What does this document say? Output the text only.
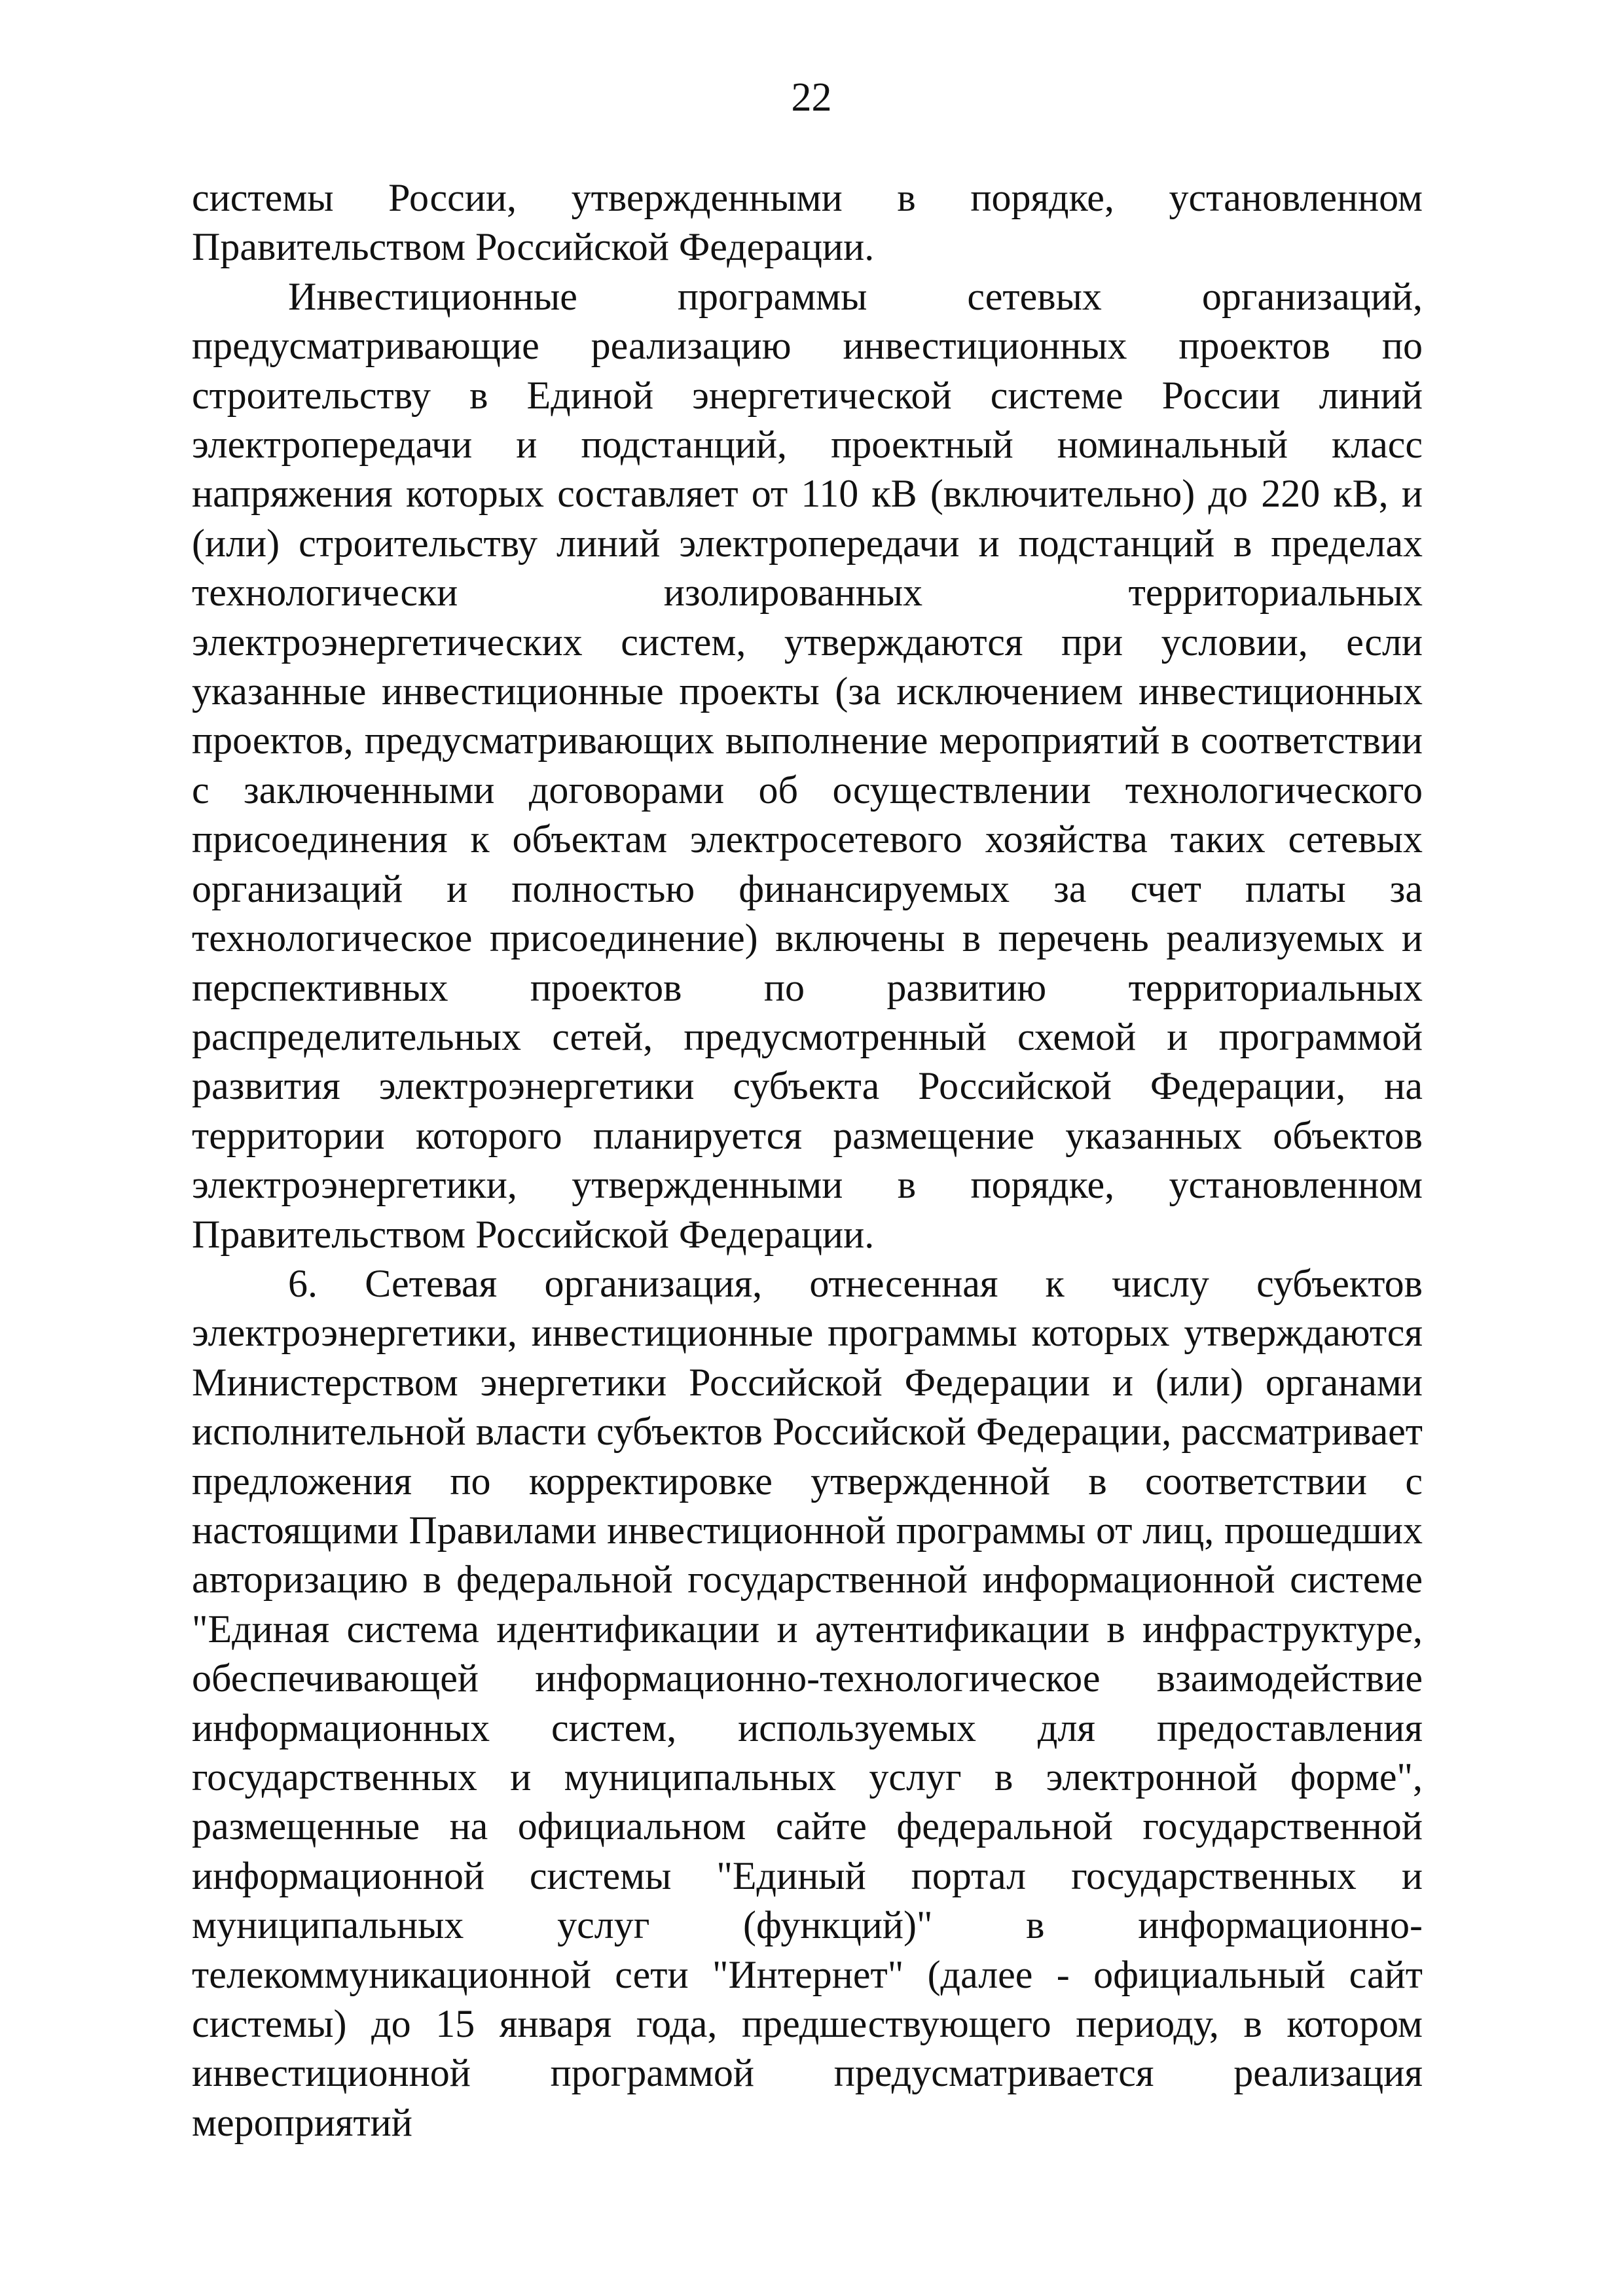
22

системы России, утвержденными в порядке, установленном Правительством Российской Федерации.

Инвестиционные программы сетевых организаций, предусматривающие реализацию инвестиционных проектов по строительству в Единой энергетической системе России линий электропередачи и подстанций, проектный номинальный класс напряжения которых составляет от 110 кВ (включительно) до 220 кВ, и (или) строительству линий электропередачи и подстанций в пределах технологически изолированных территориальных электроэнергетических систем, утверждаются при условии, если указанные инвестиционные проекты (за исключением инвестиционных проектов, предусматривающих выполнение мероприятий в соответствии с заключенными договорами об осуществлении технологического присоединения к объектам электросетевого хозяйства таких сетевых организаций и полностью финансируемых за счет платы за технологическое присоединение) включены в перечень реализуемых и перспективных проектов по развитию территориальных распределительных сетей, предусмотренный схемой и программой развития электроэнергетики субъекта Российской Федерации, на территории которого планируется размещение указанных объектов электроэнергетики, утвержденными в порядке, установленном Правительством Российской Федерации.

6. Сетевая организация, отнесенная к числу субъектов электроэнергетики, инвестиционные программы которых утверждаются Министерством энергетики Российской Федерации и (или) органами исполнительной власти субъектов Российской Федерации, рассматривает предложения по корректировке утвержденной в соответствии с настоящими Правилами инвестиционной программы от лиц, прошедших авторизацию в федеральной государственной информационной системе "Единая система идентификации и аутентификации в инфраструктуре, обеспечивающей информационно-технологическое взаимодействие информационных систем, используемых для предоставления государственных и муниципальных услуг в электронной форме", размещенные на официальном сайте федеральной государственной информационной системы "Единый портал государственных и муниципальных услуг (функций)" в информационно-телекоммуникационной сети "Интернет" (далее - официальный сайт системы) до 15 января года, предшествующего периоду, в котором инвестиционной программой предусматривается реализация мероприятий
